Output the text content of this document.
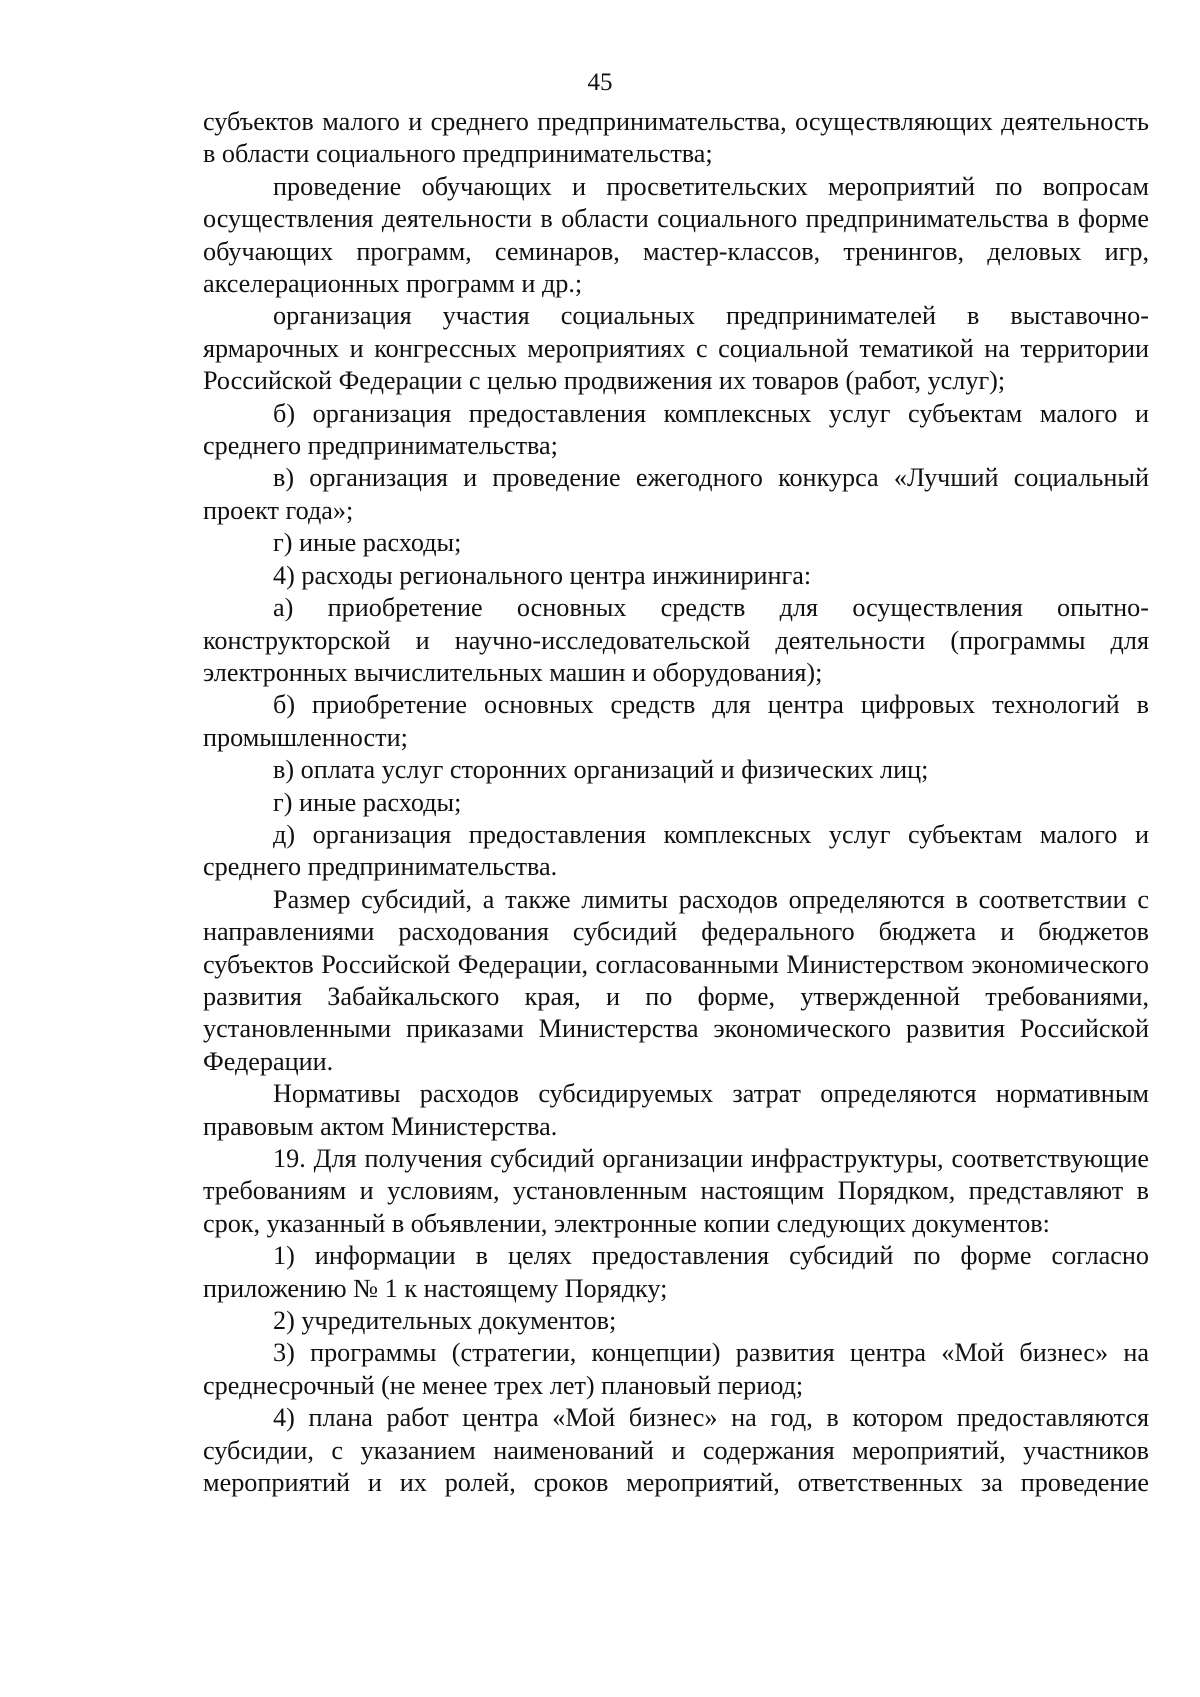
45

субъектов малого и среднего предпринимательства, осуществляющих деятельность в области социального предпринимательства;

проведение обучающих и просветительских мероприятий по вопросам осуществления деятельности в области социального предпринимательства в форме обучающих программ, семинаров, мастер-классов, тренингов, деловых игр, акселерационных программ и др.;

организация участия социальных предпринимателей в выставочно-ярмарочных и конгрессных мероприятиях с социальной тематикой на территории Российской Федерации с целью продвижения их товаров (работ, услуг);

б) организация предоставления комплексных услуг субъектам малого и среднего предпринимательства;

в) организация и проведение ежегодного конкурса «Лучший социальный проект года»;

г) иные расходы;

4) расходы регионального центра инжиниринга:

а) приобретение основных средств для осуществления опытно-конструкторской и научно-исследовательской деятельности (программы для электронных вычислительных машин и оборудования);

б) приобретение основных средств для центра цифровых технологий в промышленности;

в) оплата услуг сторонних организаций и физических лиц;

г) иные расходы;

д) организация предоставления комплексных услуг субъектам малого и среднего предпринимательства.

Размер субсидий, а также лимиты расходов определяются в соответствии с направлениями расходования субсидий федерального бюджета и бюджетов субъектов Российской Федерации, согласованными Министерством экономического развития Забайкальского края, и по форме, утвержденной требованиями, установленными приказами Министерства экономического развития Российской Федерации.

Нормативы расходов субсидируемых затрат определяются нормативным правовым актом Министерства.

19. Для получения субсидий организации инфраструктуры, соответствующие требованиям и условиям, установленным настоящим Порядком, представляют в срок, указанный в объявлении, электронные копии следующих документов:

1) информации в целях предоставления субсидий по форме согласно приложению № 1 к настоящему Порядку;

2) учредительных документов;

3) программы (стратегии, концепции) развития центра «Мой бизнес» на среднесрочный (не менее трех лет) плановый период;

4) плана работ центра «Мой бизнес» на год, в котором предоставляются субсидии, с указанием наименований и содержания мероприятий, участников мероприятий и их ролей, сроков мероприятий, ответственных за проведение
